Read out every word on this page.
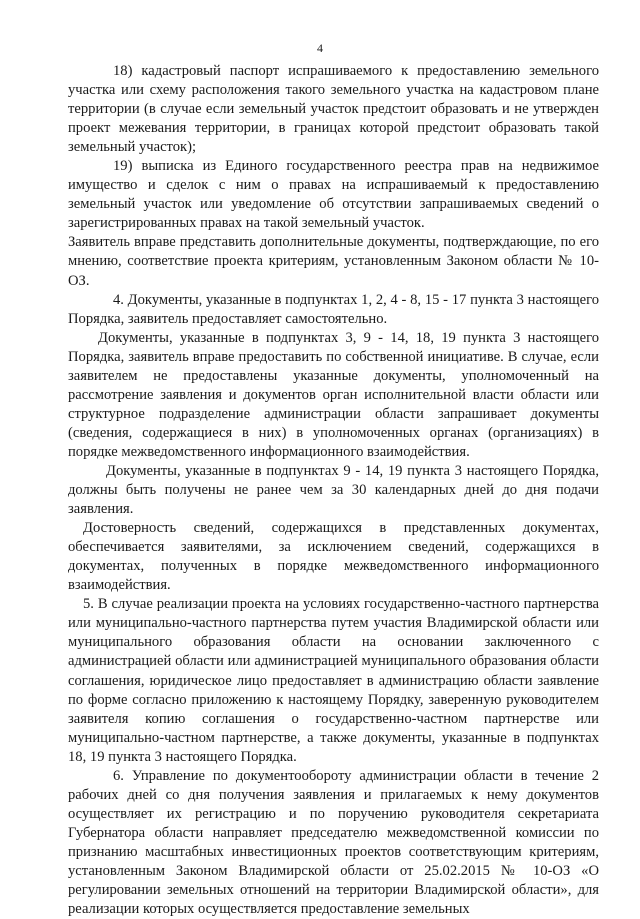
4

18) кадастровый паспорт испрашиваемого к предоставлению земельного участка или схему расположения такого земельного участка на кадастровом плане территории (в случае если земельный участок предстоит образовать и не утвержден проект межевания территории, в границах которой предстоит образовать такой земельный участок);

19) выписка из Единого государственного реестра прав на недвижимое имущество и сделок с ним о правах на испрашиваемый к предоставлению земельный участок или уведомление об отсутствии запрашиваемых сведений о зарегистрированных правах на такой земельный участок.

Заявитель вправе представить дополнительные документы, подтверждающие, по его мнению, соответствие проекта критериям, установленным Законом области № 10-ОЗ.

4. Документы, указанные в подпунктах 1, 2, 4 - 8, 15 - 17 пункта 3 настоящего Порядка, заявитель предоставляет самостоятельно.

Документы, указанные в подпунктах 3, 9 - 14, 18, 19 пункта 3 настоящего Порядка, заявитель вправе предоставить по собственной инициативе. В случае, если заявителем не предоставлены указанные документы, уполномоченный на рассмотрение заявления и документов орган исполнительной власти области или структурное подразделение администрации области запрашивает документы (сведения, содержащиеся в них) в уполномоченных органах (организациях) в порядке межведомственного информационного взаимодействия.

Документы, указанные в подпунктах 9 - 14, 19 пункта 3 настоящего Порядка, должны быть получены не ранее чем за 30 календарных дней до дня подачи заявления.

Достоверность сведений, содержащихся в представленных документах, обеспечивается заявителями, за исключением сведений, содержащихся в документах, полученных в порядке межведомственного информационного взаимодействия.

5. В случае реализации проекта на условиях государственно-частного партнерства или муниципально-частного партнерства путем участия Владимирской области или муниципального образования области на основании заключенного с администрацией области или администрацией муниципального образования области соглашения, юридическое лицо предоставляет в администрацию области заявление по форме согласно приложению к настоящему Порядку, заверенную руководителем заявителя копию соглашения о государственно-частном партнерстве или муниципально-частном партнерстве, а также документы, указанные в подпунктах 18, 19 пункта 3 настоящего Порядка.

6. Управление по документообороту администрации области в течение 2 рабочих дней со дня получения заявления и прилагаемых к нему документов осуществляет их регистрацию и по поручению руководителя секретариата Губернатора области направляет председателю межведомственной комиссии по признанию масштабных инвестиционных проектов соответствующим критериям, установленным Законом Владимирской области от 25.02.2015 № 10-ОЗ «О регулировании земельных отношений на территории Владимирской области», для реализации которых осуществляется предоставление земельных
